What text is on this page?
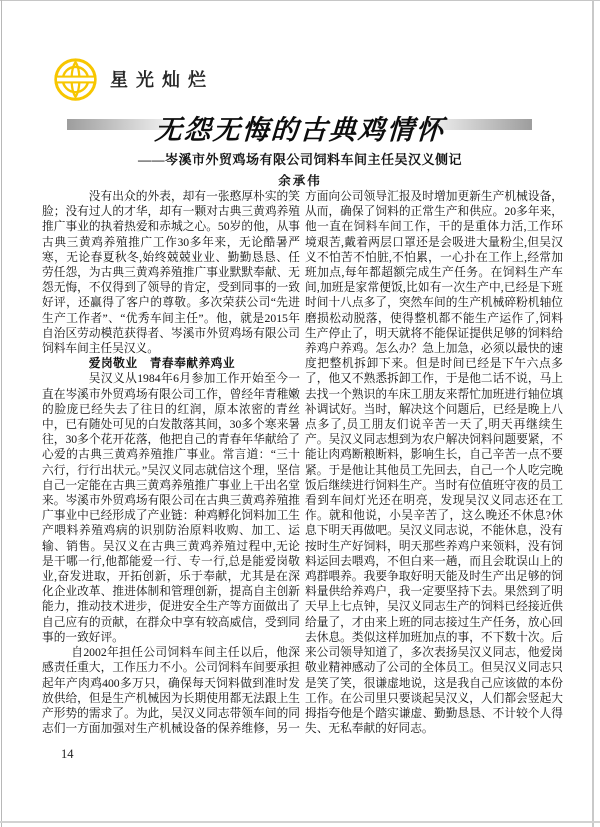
星光灿烂
无怨无悔的古典鸡情怀
——岑溪市外贸鸡场有限公司饲料车间主任吴汉义侧记
余承伟

没有出众的外表，却有一张憨厚朴实的笑脸；没有过人的才华，却有一颗对古典三黄鸡养殖推广事业的执着热爱和赤城之心。50岁的他，从事古典三黄鸡养殖推广工作30多年来，无论酷暑严寒，无论春夏秋冬,始终兢兢业业、勤勤恳恳、任劳任怨，为古典三黄鸡养殖推广事业默默奉献、无怨无悔，不仅得到了领导的肯定，受到同事的一致好评，还赢得了客户的尊敬。多次荣获公司“先进生产工作者”、“优秀车间主任”。他，就是2015年自治区劳动模范获得者、岑溪市外贸鸡场有限公司饲料车间主任吴汉义。

爱岗敬业　青春奉献养鸡业

吴汉义从1984年6月参加工作开始至今一直在岑溪市外贸鸡场有限公司工作，曾经年青稚嫩的脸庞已经失去了往日的红润，原本浓密的青丝中，已有随处可见的白发散落其间，30多个寒来暑往，30多个花开花落，他把自己的青春年华献给了心爱的古典三黄鸡养殖推广事业。常言道：“三十六行，行行出状元。”吴汉义同志就信这个理，坚信自己一定能在古典三黄鸡养殖推广事业上干出名堂来。岑溪市外贸鸡场有限公司在古典三黄鸡养殖推广事业中已经形成了产业链：种鸡孵化饲料加工生产喂料养殖鸡病的识别防治原料收购、加工、运输、销售。吴汉义在古典三黄鸡养殖过程中,无论是干哪一行,他都能爱一行、专一行,总是能爱岗敬业,奋发进取，开拓创新，乐于奉献，尤其是在深化企业改革、推进体制和管理创新，提高自主创新能力，推动技术进步，促进安全生产等方面做出了自己应有的贡献，在群众中享有较高威信，受到同事的一致好评。

自2002年担任公司饲料车间主任以后，他深感责任重大，工作压力不小。公司饲料车间要承担起年产肉鸡400多万只，确保每天饲料做到准时发放供给，但是生产机械因为长期使用都无法跟上生产形势的需求了。为此，吴汉义同志带领车间的同志们一方面加强对生产机械设备的保养维修，另一方面向公司领导汇报及时增加更新生产机械设备，从而，确保了饲料的正常生产和供应。20多年来，他一直在饲料车间工作，干的是重体力活,工作环境艰苦,戴着两层口罩还是会吸进大量粉尘,但吴汉义不怕苦不怕脏,不怕累，一心扑在工作上,经常加班加点,每年都超额完成生产任务。在饲料生产车间,加班是家常便饭,比如有一次生产中,已经是下班时间十八点多了，突然车间的生产机械碎粉机轴位磨损松动脱落，使得整机都不能生产运作了,饲料生产停止了，明天就将不能保证提供足够的饲料给养鸡户养鸡。怎么办？急上加急，必须以最快的速度把整机拆卸下来。但是时间已经是下午六点多了，他又不熟悉拆卸工作，于是他二话不说，马上去找一个熟识的车床工朋友来帮忙加班进行轴位填补调试好。当时，解决这个问题后，已经是晚上八点多了,员工朋友们说辛苦一天了,明天再继续生产。吴汉义同志想到为农户解决饲料问题要紧，不能让肉鸡断粮断料，影响生长，自己辛苦一点不要紧。于是他让其他员工先回去，自己一个人吃完晚饭后继续进行饲料生产。当时有位值班守夜的员工看到车间灯光还在明亮，发现吴汉义同志还在工作。就和他说，小吴辛苦了，这么晚还不休息?休息下明天再做吧。吴汉义同志说，不能休息，没有按时生产好饲料，明天那些养鸡户来领料，没有饲料运回去喂鸡，不但白来一趟，而且会耽误山上的鸡群喂养。我要争取好明天能及时生产出足够的饲料量供给养鸡户，我一定要坚持下去。果然到了明天早上七点钟，吴汉义同志生产的饲料已经接近供给量了，才由来上班的同志接过生产任务，放心回去休息。类似这样加班加点的事，不下数十次。后来公司领导知道了，多次表扬吴汉义同志，他爱岗敬业精神感动了公司的全体员工。但吴汉义同志只是笑了笑，很谦虚地说，这是我自己应该做的本份工作。在公司里只要谈起吴汉义，人们都会竖起大拇指夸他是个踏实谦虚、勤勤恳恳、不计较个人得失、无私奉献的好同志。

14
